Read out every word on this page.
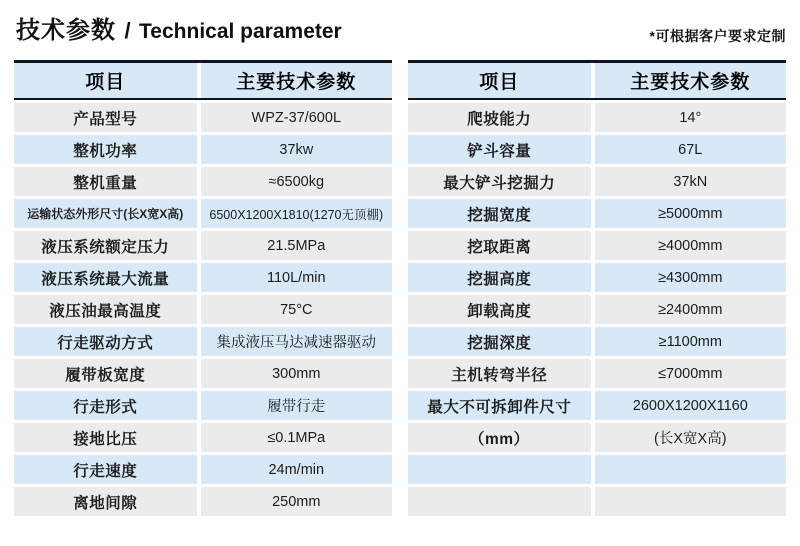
技术参数 / Technical parameter	*可根据客户要求定制
项目	主要技术参数
产品型号	WPZ-37/600L
整机功率	37kw
整机重量	≈6500kg
运输状态外形尺寸(长X宽X高)	6500X1200X1810(1270无顶棚)
液压系统额定压力	21.5MPa
液压系统最大流量	110L/min
液压油最高温度	75°C
行走驱动方式	集成液压马达减速器驱动
履带板宽度	300mm
行走形式	履带行走
接地比压	≤0.1MPa
行走速度	24m/min
离地间隙	250mm
项目	主要技术参数
爬坡能力	14°
铲斗容量	67L
最大铲斗挖掘力	37kN
挖掘宽度	≥5000mm
挖取距离	≥4000mm
挖掘高度	≥4300mm
卸载高度	≥2400mm
挖掘深度	≥1100mm
主机转弯半径	≤7000mm
最大不可拆卸件尺寸	2600X1200X1160
（mm）	(长X宽X高)
